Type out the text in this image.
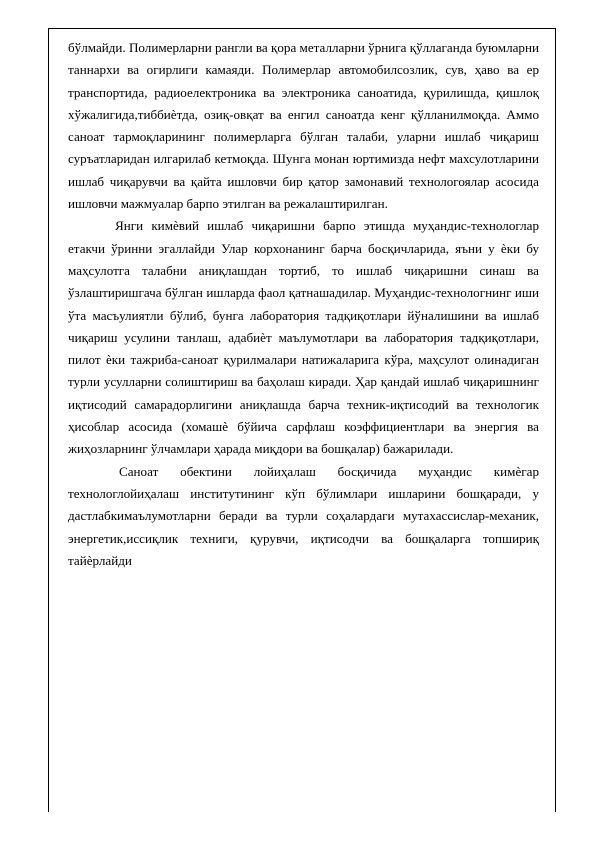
бўлмайди. Полимерларни рангли ва қора металларни ўрнига қўллаганда буюмларни таннархи ва огирлиги камаяди. Полимерлар автомобилсозлик, сув, ҳаво ва ер транспортида, радиоелектроника ва электроника саноатида, қурилишда, қишлоқ хўжалигида,тиббиѐтда, озиқ-овқат ва енгил саноатда кенг қўлланилмоқда. Аммо саноат тармоқларининг полимерларга бўлган талаби, уларни ишлаб чиқариш суръатларидан илгарилаб кетмоқда. Шунга монан юртимизда нефт махсулотларини ишлаб чиқарувчи ва қайта ишловчи бир қатор замонавий технологоялар асосида ишловчи мажмуалар барпо этилган ва режалаштирилган.

Янги кимѐвий ишлаб чиқаришни барпо этишда муҳандис-технологлар етакчи ўринни эгаллайди Улар корхонанинг барча босқичларида, яъни у ѐки бу маҳсулотга талабни аниқлашдан тортиб, то ишлаб чиқаришни синаш ва ўзлаштиришгача бўлган ишларда фаол қатнашадилар. Муҳандис-технологнинг иши ўта масъулиятли бўлиб, бунга лаборатория тадқиқотлари йўналишини ва ишлаб чиқариш усулини танлаш, адабиѐт маълумотлари ва лаборатория тадқиқотлари, пилот ѐки тажриба-саноат қурилмалари натижаларига кўра, маҳсулот олинадиган турли усулларни солиштириш ва баҳолаш киради. Ҳар қандай ишлаб чиқаришнинг иқтисодий самарадорлигини аниқлашда барча техник-иқтисодий ва технологик ҳисоблар асосида (хомашѐ бўйича сарфлаш коэффициентлари ва энергия ва жиҳозларнинг ўлчамлари ҳарада миқдори ва бошқалар) бажарилади.

Саноат обектини лойиҳалаш босқичида муҳандис кимѐгар технологлойиҳалаш институтининг кўп бўлимлари ишларини бошқаради, у дастлабкимаълумотларни беради ва турли соҳалардаги мутахассислар-механик, энергетик,иссиқлик техниги, қурувчи, иқтисодчи ва бошқаларга топшириқ тайѐрлайди
